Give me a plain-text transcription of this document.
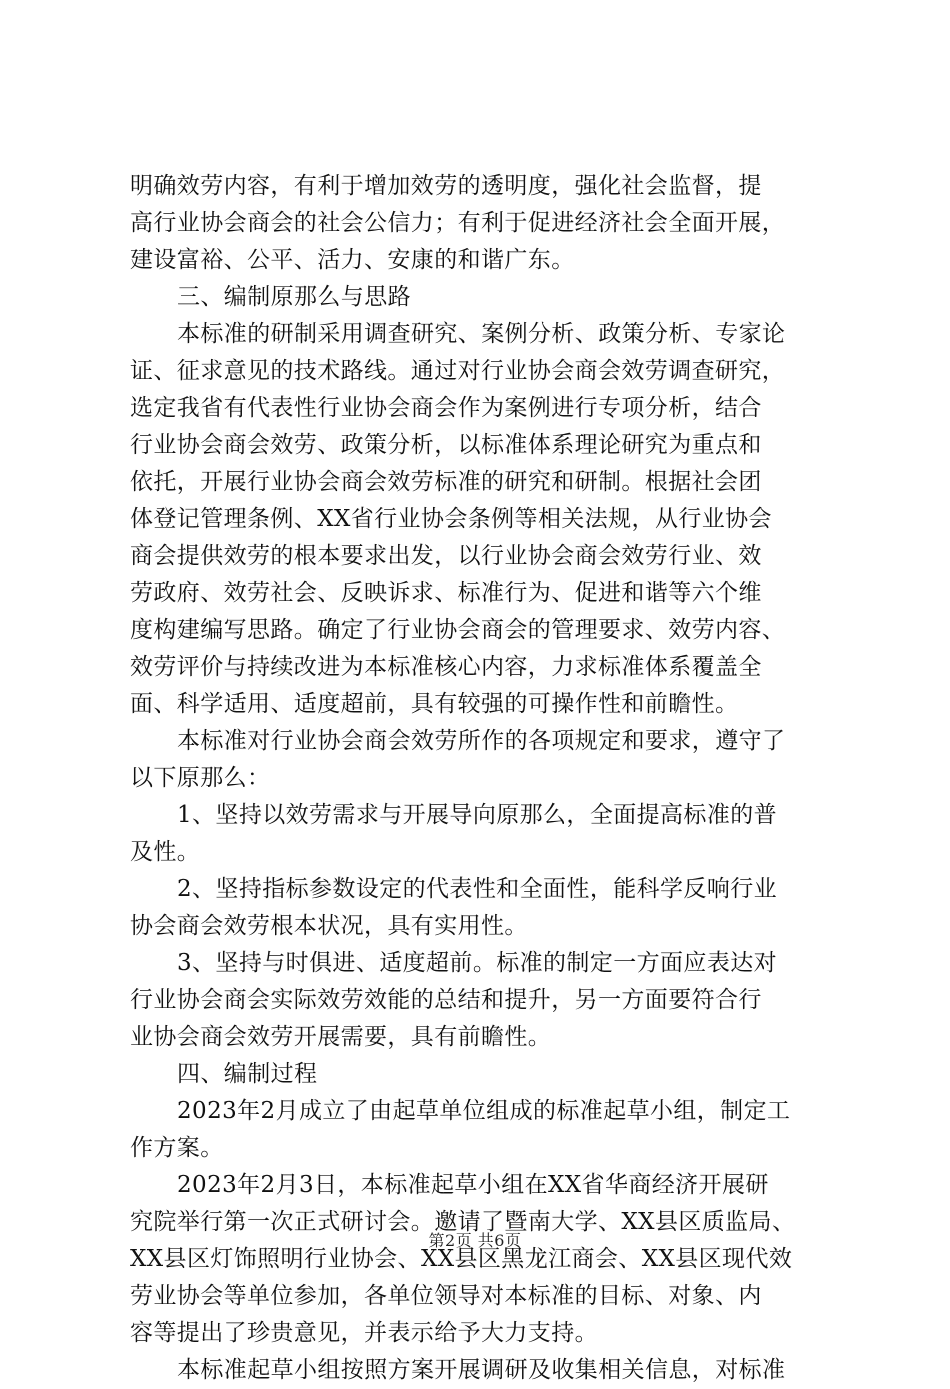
明确效劳内容，有利于增加效劳的透明度，强化社会监督，提
高行业协会商会的社会公信力；有利于促进经济社会全面开展，
建设富裕、公平、活力、安康的和谐广东。
三、编制原那么与思路
本标准的研制采用调查研究、案例分析、政策分析、专家论
证、征求意见的技术路线。通过对行业协会商会效劳调查研究，
选定我省有代表性行业协会商会作为案例进行专项分析，结合
行业协会商会效劳、政策分析，以标准体系理论研究为重点和
依托，开展行业协会商会效劳标准的研究和研制。根据社会团
体登记管理条例、XX省行业协会条例等相关法规，从行业协会
商会提供效劳的根本要求出发，以行业协会商会效劳行业、效
劳政府、效劳社会、反映诉求、标准行为、促进和谐等六个维
度构建编写思路。确定了行业协会商会的管理要求、效劳内容、
效劳评价与持续改进为本标准核心内容，力求标准体系覆盖全
面、科学适用、适度超前，具有较强的可操作性和前瞻性。
本标准对行业协会商会效劳所作的各项规定和要求，遵守了
以下原那么：
1、坚持以效劳需求与开展导向原那么，全面提高标准的普
及性。
2、坚持指标参数设定的代表性和全面性，能科学反响行业
协会商会效劳根本状况，具有实用性。
3、坚持与时俱进、适度超前。标准的制定一方面应表达对
行业协会商会实际效劳效能的总结和提升，另一方面要符合行
业协会商会效劳开展需要，具有前瞻性。
四、编制过程
2023年2月成立了由起草单位组成的标准起草小组，制定工
作方案。
2023年2月3日，本标准起草小组在XX省华商经济开展研
究院举行第一次正式研讨会。邀请了暨南大学、XX县区质监局、
XX县区灯饰照明行业协会、XX县区黑龙江商会、XX县区现代效
劳业协会等单位参加，各单位领导对本标准的目标、对象、内
容等提出了珍贵意见，并表示给予大力支持。
本标准起草小组按照方案开展调研及收集相关信息，对标准
第2页 共6页
